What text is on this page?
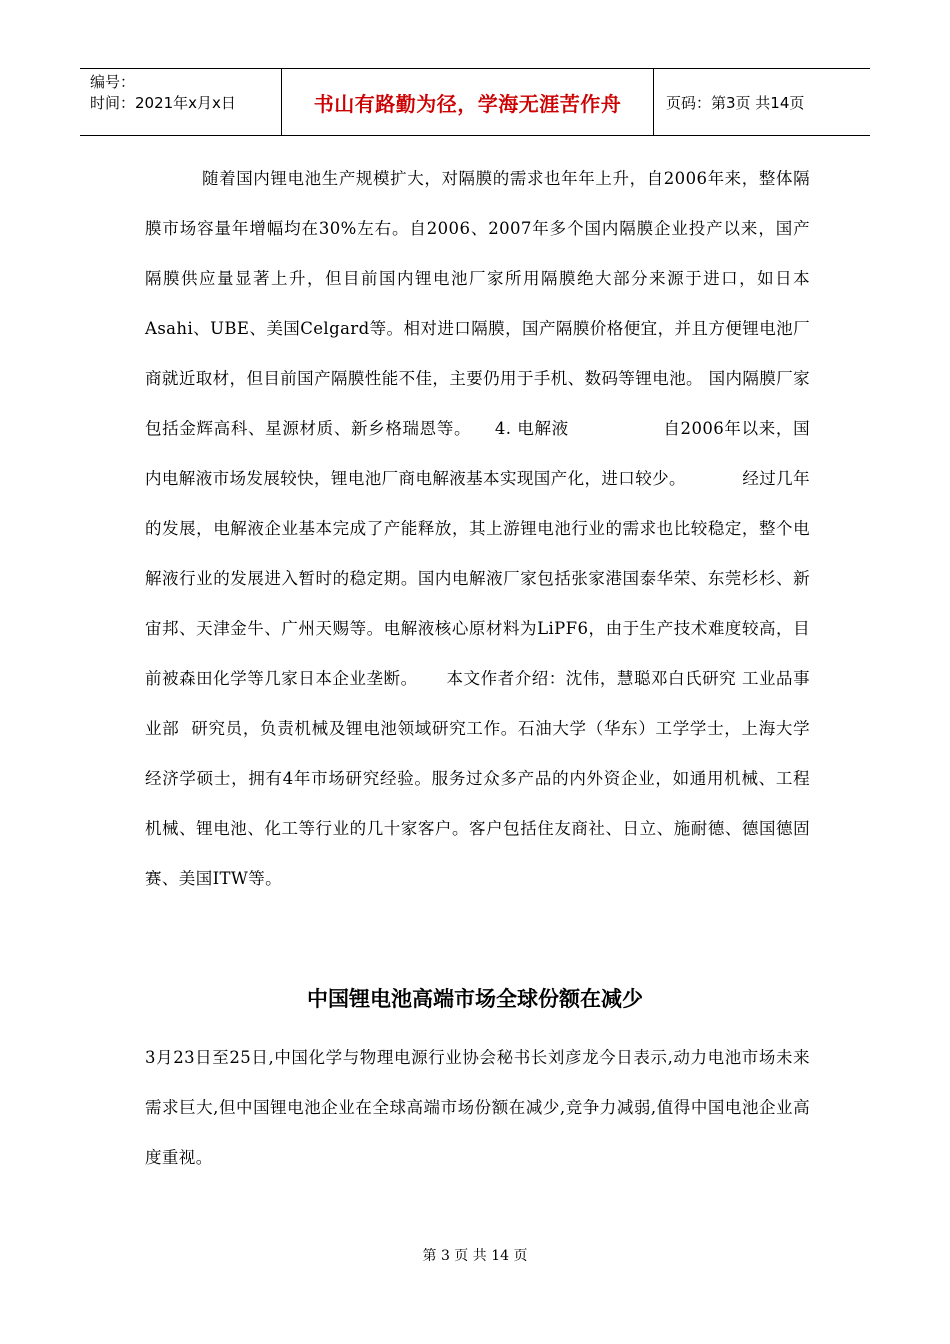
编号：
时间：2021年x月x日	书山有路勤为径，学海无涯苦作舟	页码：第3页 共14页

随着国内锂电池生产规模扩大，对隔膜的需求也年年上升，自2006年来，整体隔膜市场容量年增幅均在30%左右。自2006、2007年多个国内隔膜企业投产以来，国产隔膜供应量显著上升，但目前国内锂电池厂家所用隔膜绝大部分来源于进口，如日本Asahi、UBE、美国Celgard等。相对进口隔膜，国产隔膜价格便宜，并且方便锂电池厂商就近取材，但目前国产隔膜性能不佳，主要仍用于手机、数码等锂电池。 国内隔膜厂家包括金辉高科、星源材质、新乡格瑞恩等。    4. 电解液                自2006年以来，国内电解液市场发展较快，锂电池厂商电解液基本实现国产化，进口较少。          经过几年的发展，电解液企业基本完成了产能释放，其上游锂电池行业的需求也比较稳定，整个电解液行业的发展进入暂时的稳定期。国内电解液厂家包括张家港国泰华荣、东莞杉杉、新宙邦、天津金牛、广州天赐等。电解液核心原材料为LiPF6，由于生产技术难度较高，目前被森田化学等几家日本企业垄断。     本文作者介绍：沈伟，慧聪邓白氏研究 工业品事业部  研究员，负责机械及锂电池领域研究工作。石油大学（华东）工学学士，上海大学经济学硕士，拥有4年市场研究经验。服务过众多产品的内外资企业，如通用机械、工程机械、锂电池、化工等行业的几十家客户。客户包括住友商社、日立、施耐德、德国德固赛、美国ITW等。

中国锂电池高端市场全球份额在减少

3月23日至25日,中国化学与物理电源行业协会秘书长刘彦龙今日表示,动力电池市场未来需求巨大,但中国锂电池企业在全球高端市场份额在减少,竞争力减弱,值得中国电池企业高度重视。

第 3 页 共 14 页
